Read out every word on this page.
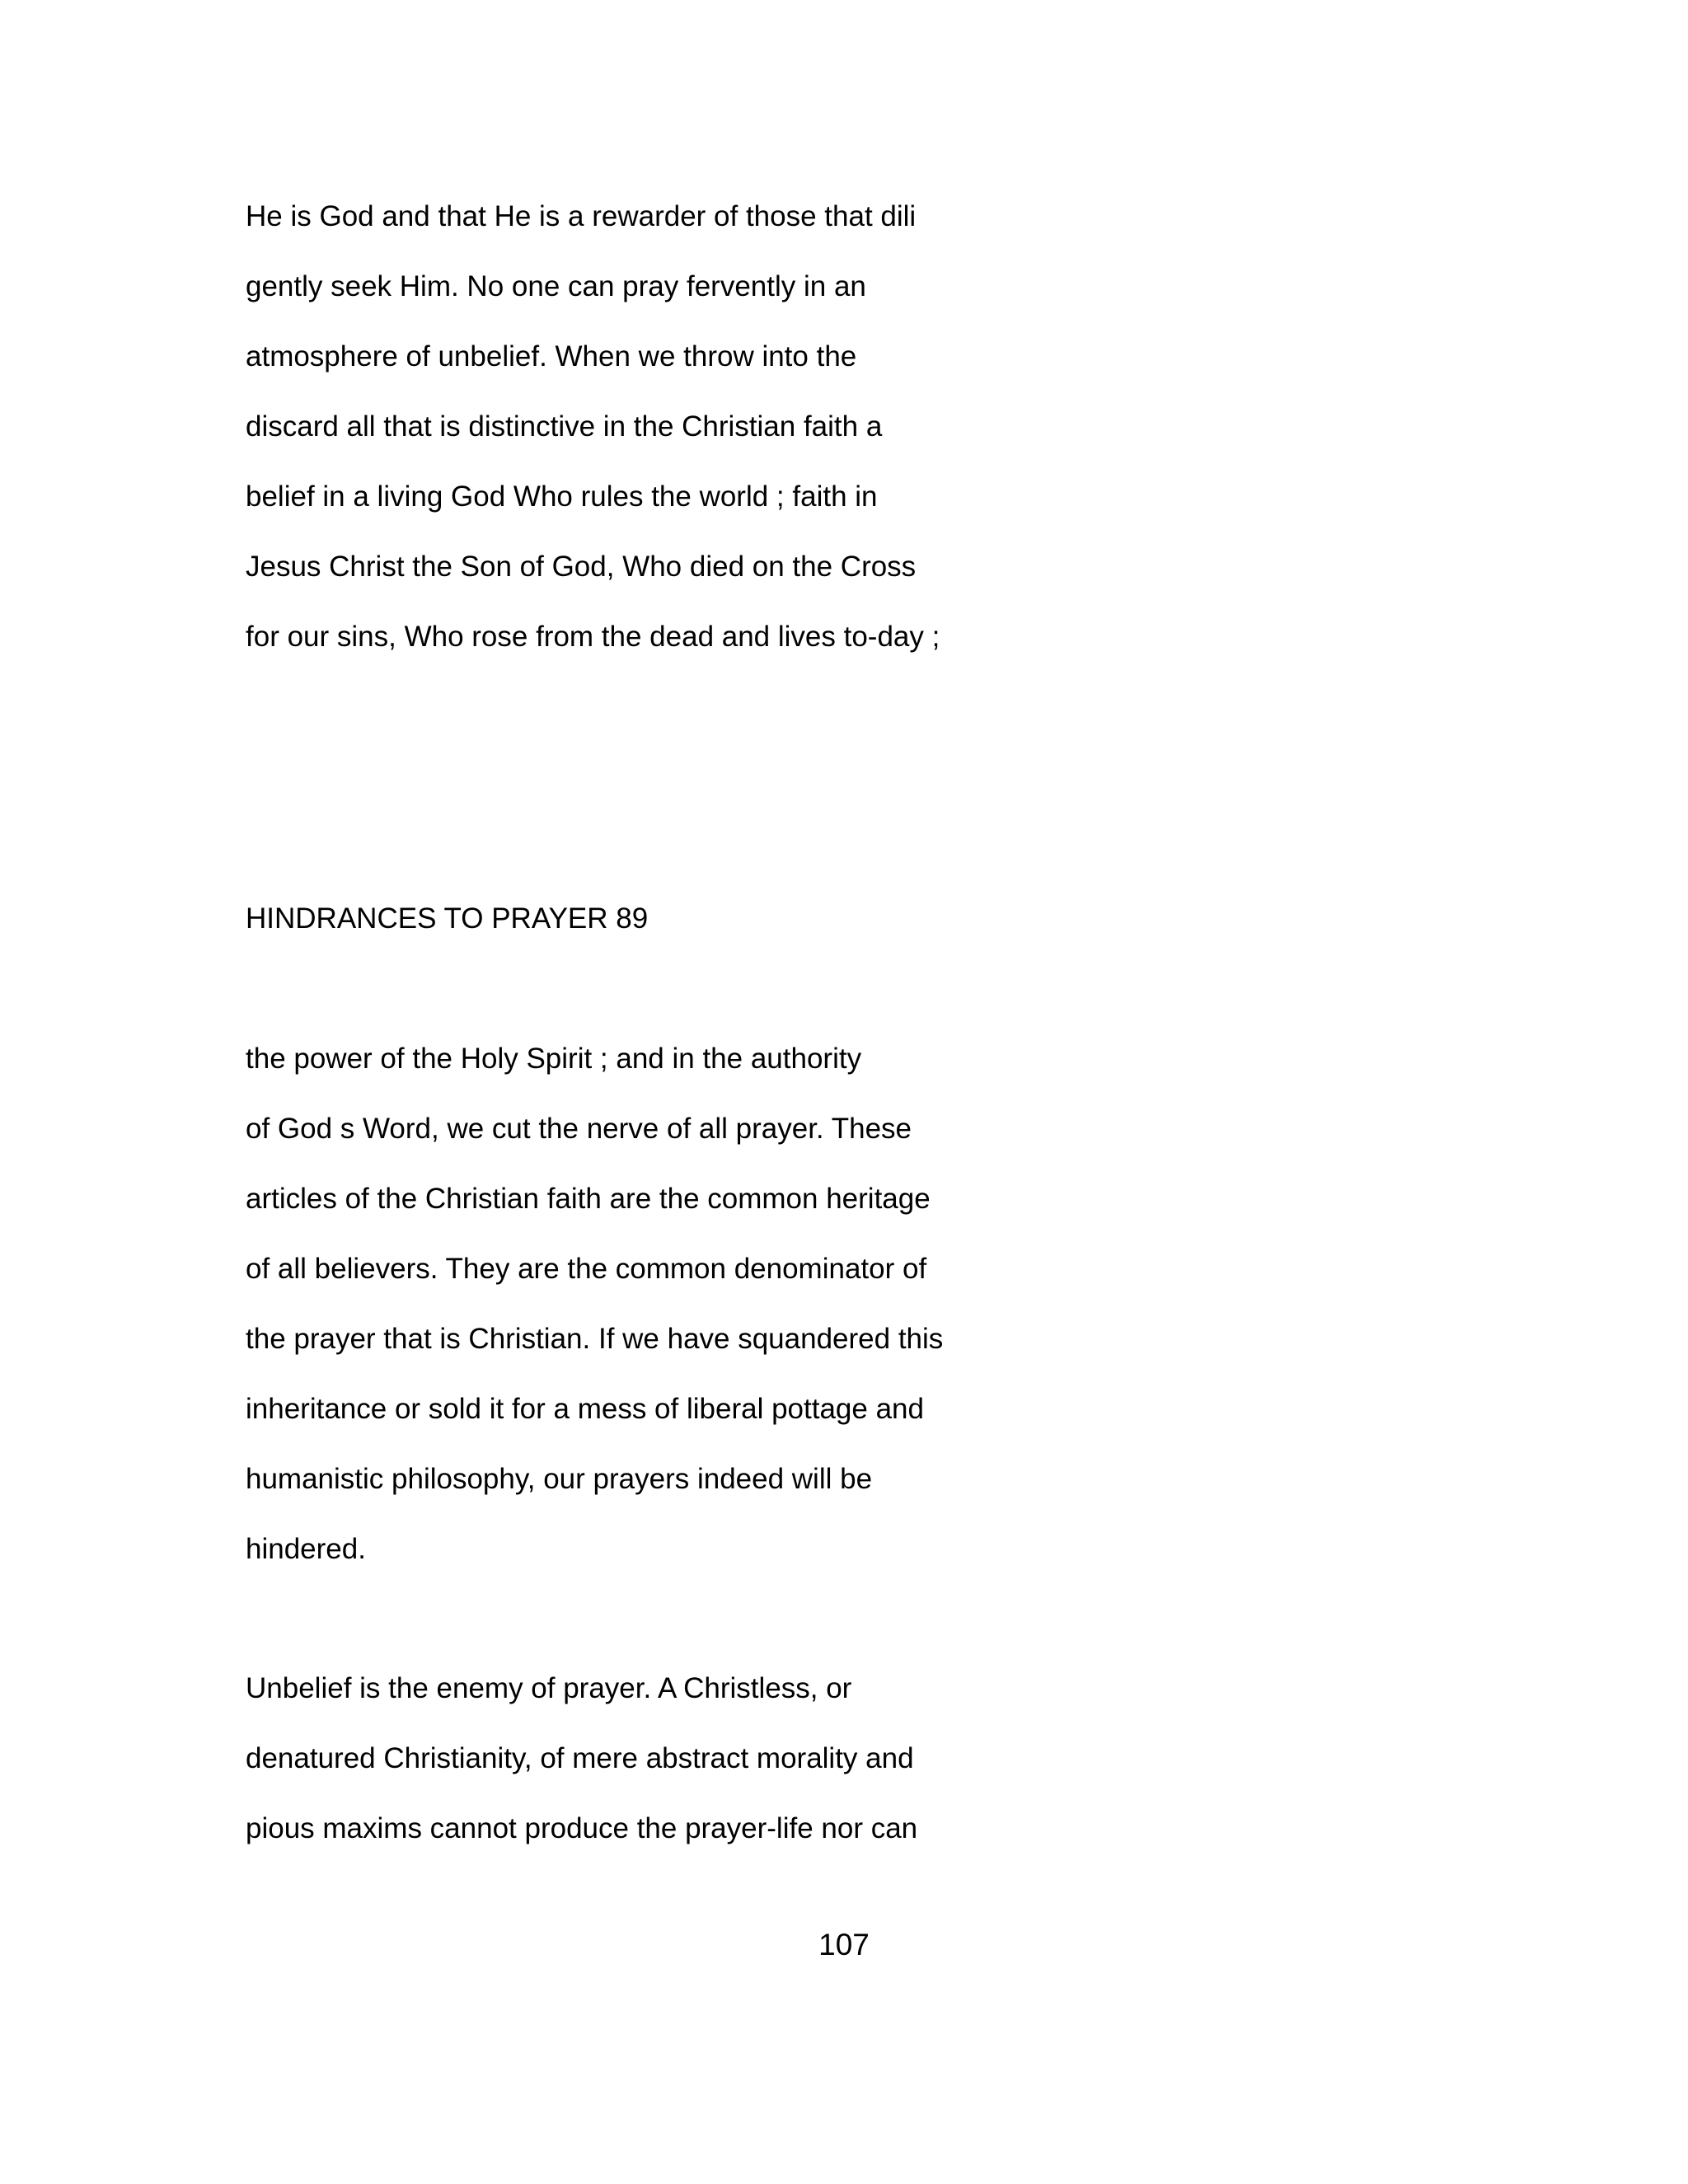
He is God and that He is a rewarder of those that dili
gently seek Him. No one can pray fervently in an
atmosphere of unbelief. When we throw into the
discard all that is distinctive in the Christian faith a
belief in a living God Who rules the world ; faith in
Jesus Christ the Son of God, Who died on the Cross
for our sins, Who rose from the dead and lives to-day ;
HINDRANCES TO PRAYER 89
the power of the Holy Spirit ; and in the authority
of God s Word, we cut the nerve of all prayer. These
articles of the Christian faith are the common heritage
of all believers. They are the common denominator of
the prayer that is Christian. If we have squandered this
inheritance or sold it for a mess of liberal pottage and
humanistic philosophy, our prayers indeed will be
hindered.
Unbelief is the enemy of prayer. A Christless, or
denatured Christianity, of mere abstract morality and
pious maxims cannot produce the prayer-life nor can
107
